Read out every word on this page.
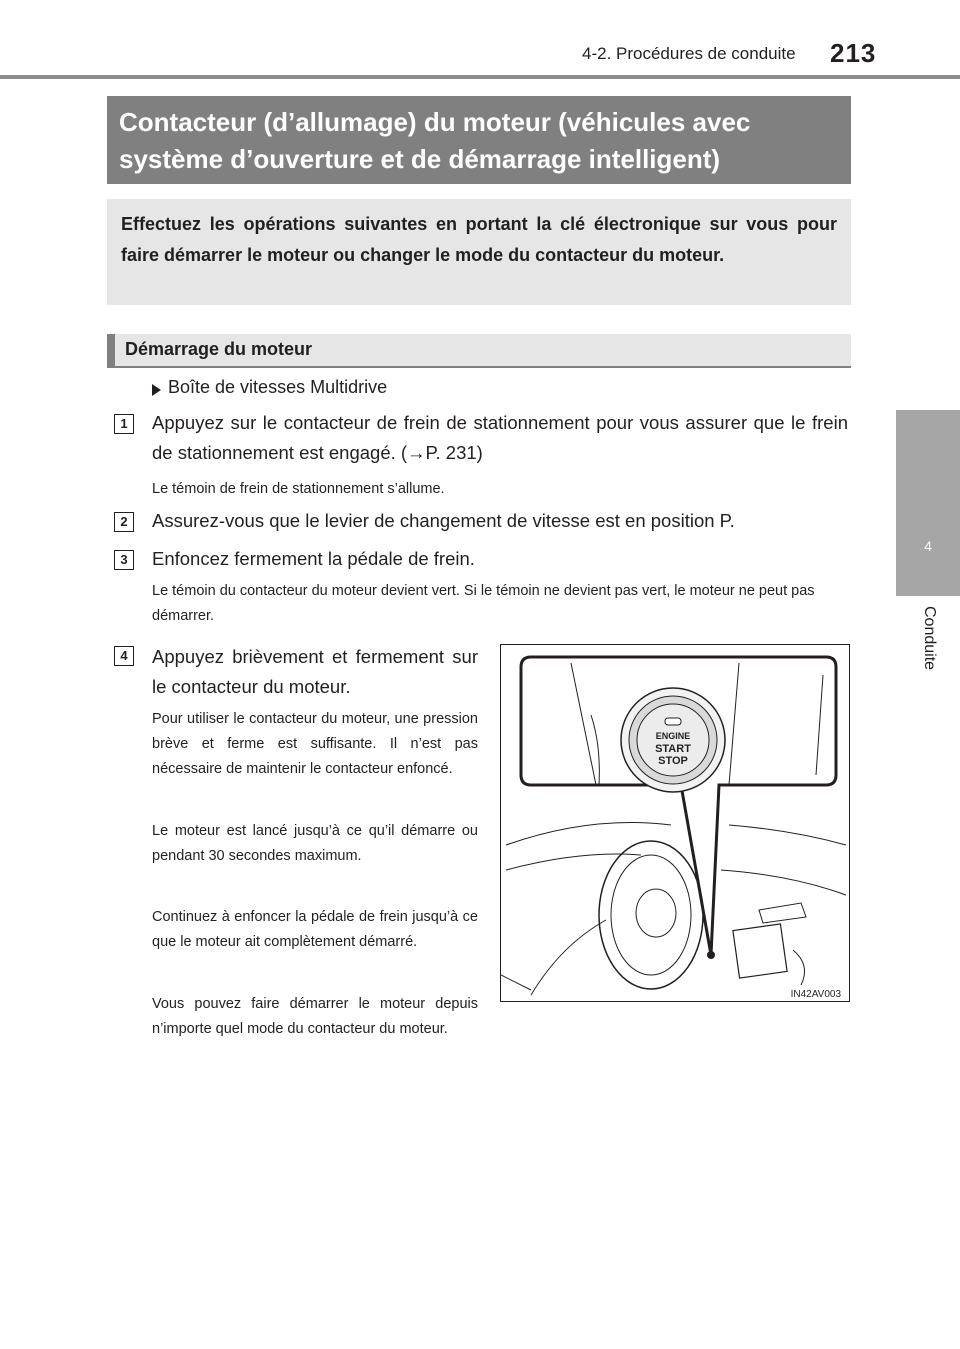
4-2. Procédures de conduite 213
4
Conduite
Contacteur (d’allumage) du moteur (véhicules avec système d’ouverture et de démarrage intelligent)
Effectuez les opérations suivantes en portant la clé électronique sur vous pour faire démarrer le moteur ou changer le mode du contacteur du moteur.
Démarrage du moteur
Boîte de vitesses Multidrive
1	Appuyez sur le contacteur de frein de stationnement pour vous assurer que le frein de stationnement est engagé. (→P. 231)
Le témoin de frein de stationnement s’allume.
2	Assurez-vous que le levier de changement de vitesse est en position P.
3	Enfoncez fermement la pédale de frein.
Le témoin du contacteur du moteur devient vert. Si le témoin ne devient pas vert, le moteur ne peut pas démarrer.
4	Appuyez brièvement et fermement sur le contacteur du moteur.
Pour utiliser le contacteur du moteur, une pression brève et ferme est suffisante. Il n’est pas nécessaire de maintenir le contacteur enfoncé.
Le moteur est lancé jusqu’à ce qu’il démarre ou pendant 30 secondes maximum.
Continuez à enfoncer la pédale de frein jusqu’à ce que le moteur ait complètement démarré.
Vous pouvez faire démarrer le moteur depuis n’importe quel mode du contacteur du moteur.
ENGINE
START
STOP
IN42AV003
